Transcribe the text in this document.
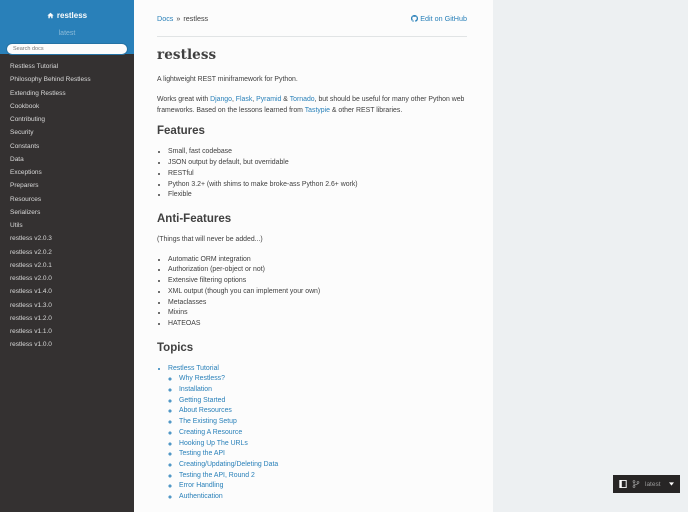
restless
latest
Search docs
Restless Tutorial
Philosophy Behind Restless
Extending Restless
Cookbook
Contributing
Security
Constants
Data
Exceptions
Preparers
Resources
Serializers
Utils
restless v2.0.3
restless v2.0.2
restless v2.0.1
restless v2.0.0
restless v1.4.0
restless v1.3.0
restless v1.2.0
restless v1.1.0
restless v1.0.0
Docs » restless	Edit on GitHub
restless

A lightweight REST miniframework for Python.

Works great with Django, Flask, Pyramid & Tornado, but should be useful for many other Python web frameworks. Based on the lessons learned from Tastypie & other REST libraries.

Features
• Small, fast codebase
• JSON output by default, but overridable
• RESTful
• Python 3.2+ (with shims to make broke-ass Python 2.6+ work)
• Flexible
Anti-Features

(Things that will never be added...)

• Automatic ORM integration
• Authorization (per-object or not)
• Extensive filtering options
• XML output (though you can implement your own)
• Metaclasses
• Mixins
• HATEOAS
Topics
• Restless Tutorial
◦ Why Restless?
◦ Installation
◦ Getting Started
◦ About Resources
◦ The Existing Setup
◦ Creating A Resource
◦ Hooking Up The URLs
◦ Testing the API
◦ Creating/Updating/Deleting Data
◦ Testing the API, Round 2
◦ Error Handling
◦ Authentication
latest
